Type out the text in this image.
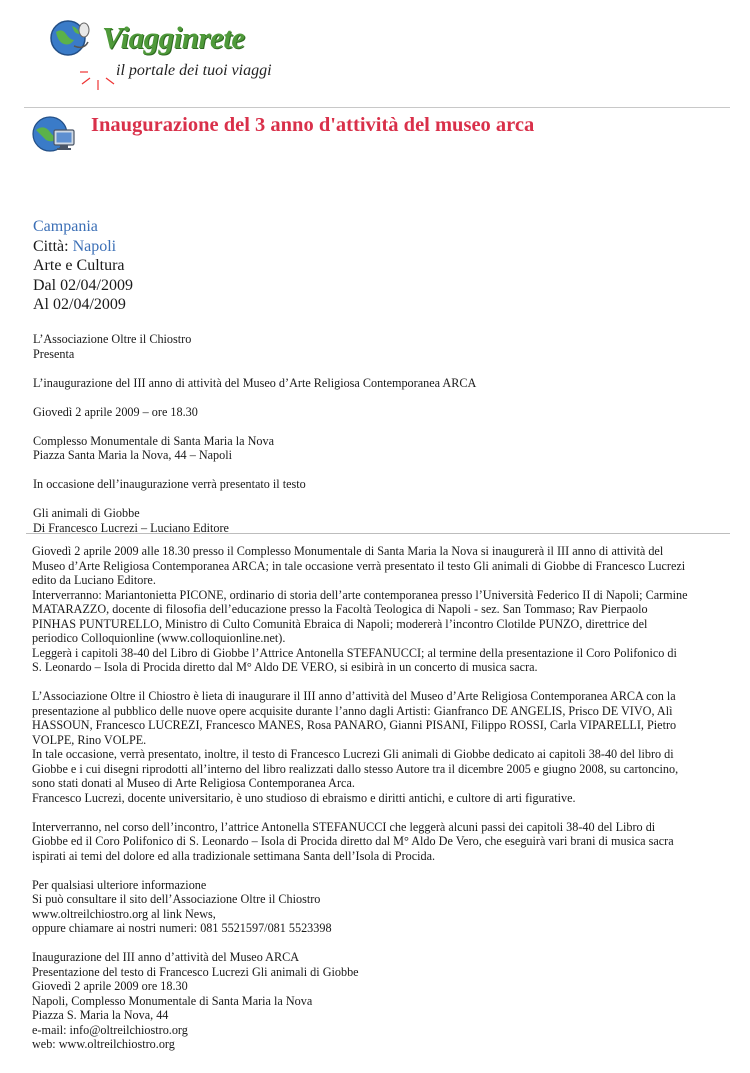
Viagginrete
il portale dei tuoi viaggi
Inaugurazione del 3 anno d'attività del museo arca
Campania
Città: Napoli
Arte e Cultura
Dal 02/04/2009
Al 02/04/2009

L’Associazione Oltre il Chiostro
Presenta

L’inaugurazione del III anno di attività del Museo d’Arte Religiosa Contemporanea ARCA

Giovedì 2 aprile 2009 – ore 18.30

Complesso Monumentale di Santa Maria la Nova
Piazza Santa Maria la Nova, 44 – Napoli

In occasione dell’inaugurazione verrà presentato il testo

Gli animali di Giobbe
Di Francesco Lucrezi – Luciano Editore

Giovedì 2 aprile 2009 alle 18.30 presso il Complesso Monumentale di Santa Maria la Nova si inaugurerà il III anno di attività del
Museo d’Arte Religiosa Contemporanea ARCA; in tale occasione verrà presentato il testo Gli animali di Giobbe di Francesco Lucrezi
edito da Luciano Editore.
Interverranno: Mariantonietta PICONE, ordinario di storia dell’arte contemporanea presso l’Università Federico II di Napoli; Carmine
MATARAZZO, docente di filosofia dell’educazione presso la Facoltà Teologica di Napoli - sez. San Tommaso; Rav Pierpaolo
PINHAS PUNTURELLO, Ministro di Culto Comunità Ebraica di Napoli; modererà l’incontro Clotilde PUNZO, direttrice del
periodico Colloquionline (www.colloquionline.net).
Leggerà i capitoli 38-40 del Libro di Giobbe l’Attrice Antonella STEFANUCCI; al termine della presentazione il Coro Polifonico di
S. Leonardo – Isola di Procida diretto dal M° Aldo DE VERO, si esibirà in un concerto di musica sacra.

L’Associazione Oltre il Chiostro è lieta di inaugurare il III anno d’attività del Museo d’Arte Religiosa Contemporanea ARCA con la
presentazione al pubblico delle nuove opere acquisite durante l’anno dagli Artisti: Gianfranco DE ANGELIS, Prisco DE VIVO, Alì
HASSOUN, Francesco LUCREZI, Francesco MANES, Rosa PANARO, Gianni PISANI, Filippo ROSSI, Carla VIPARELLI, Pietro
VOLPE, Rino VOLPE.
In tale occasione, verrà presentato, inoltre, il testo di Francesco Lucrezi Gli animali di Giobbe dedicato ai capitoli 38-40 del libro di
Giobbe e i cui disegni riprodotti all’interno del libro realizzati dallo stesso Autore tra il dicembre 2005 e giugno 2008, su cartoncino,
sono stati donati al Museo di Arte Religiosa Contemporanea Arca.
Francesco Lucrezi, docente universitario, è uno studioso di ebraismo e diritti antichi, e cultore di arti figurative.

Interverranno, nel corso dell’incontro, l’attrice Antonella STEFANUCCI che leggerà alcuni passi dei capitoli 38-40 del Libro di
Giobbe ed il Coro Polifonico di S. Leonardo – Isola di Procida diretto dal M° Aldo De Vero, che eseguirà vari brani di musica sacra
ispirati ai temi del dolore ed alla tradizionale settimana Santa dell’Isola di Procida.

Per qualsiasi ulteriore informazione
Si può consultare il sito dell’Associazione Oltre il Chiostro
www.oltreilchiostro.org al link News,
oppure chiamare ai nostri numeri: 081 5521597/081 5523398

Inaugurazione del III anno d’attività del Museo ARCA
Presentazione del testo di Francesco Lucrezi Gli animali di Giobbe
Giovedì 2 aprile 2009 ore 18.30
Napoli, Complesso Monumentale di Santa Maria la Nova
Piazza S. Maria la Nova, 44
e-mail: info@oltreilchiostro.org
web: www.oltreilchiostro.org
